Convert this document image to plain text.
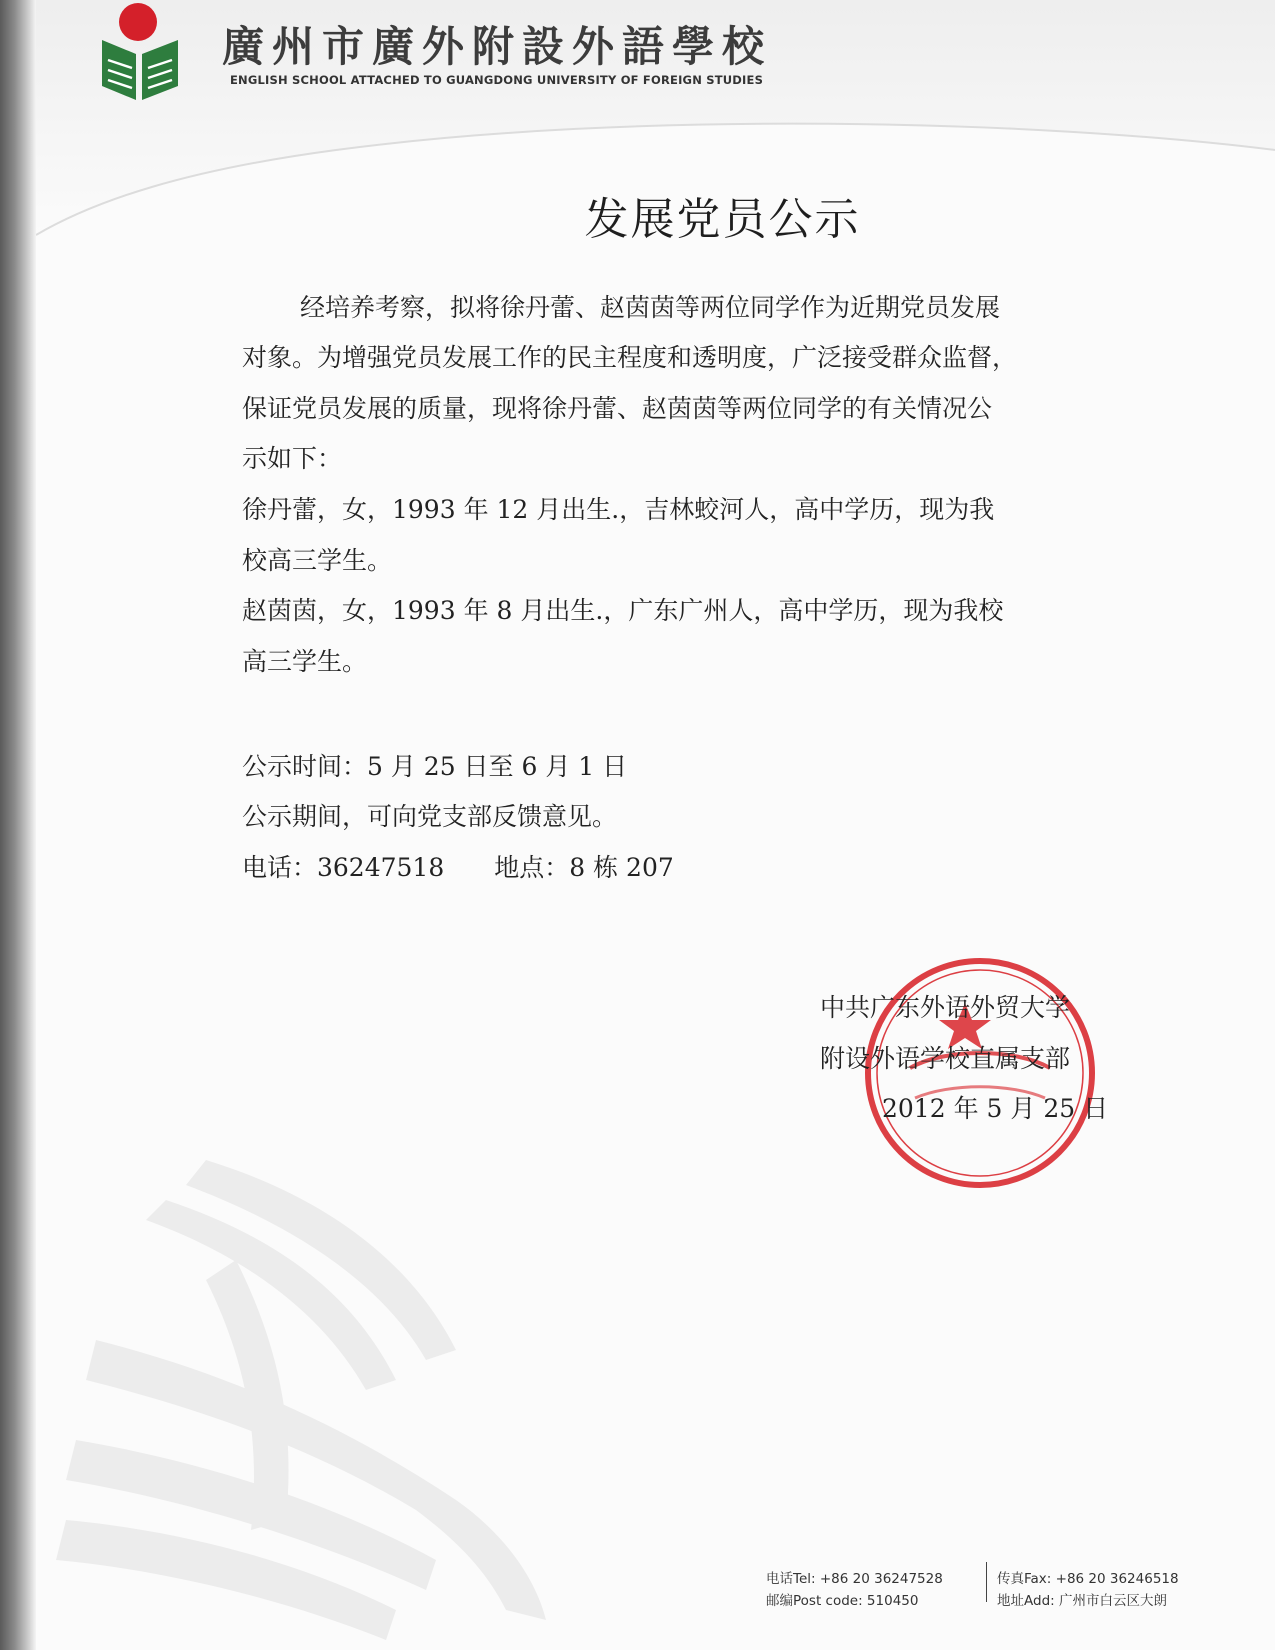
廣州市廣外附設外語學校
ENGLISH SCHOOL ATTACHED TO GUANGDONG UNIVERSITY OF FOREIGN STUDIES
发展党员公示
经培养考察，拟将徐丹蕾、赵茵茵等两位同学作为近期党员发展
对象。为增强党员发展工作的民主程度和透明度，广泛接受群众监督，
保证党员发展的质量，现将徐丹蕾、赵茵茵等两位同学的有关情况公
示如下：
徐丹蕾，女，1993 年 12 月出生.，吉林蛟河人，高中学历，现为我
校高三学生。
赵茵茵，女，1993 年 8 月出生.，广东广州人，高中学历，现为我校
高三学生。
公示时间：5 月 25 日至 6 月 1 日
公示期间，可向党支部反馈意见。
电话：36247518　　地点：8 栋 207
中共广东外语外贸大学
附设外语学校直属支部
2012 年 5 月 25 日
电话Tel: +86 20 36247528
邮编Post code: 510450
传真Fax: +86 20 36246518
地址Add: 广州市白云区大朗
